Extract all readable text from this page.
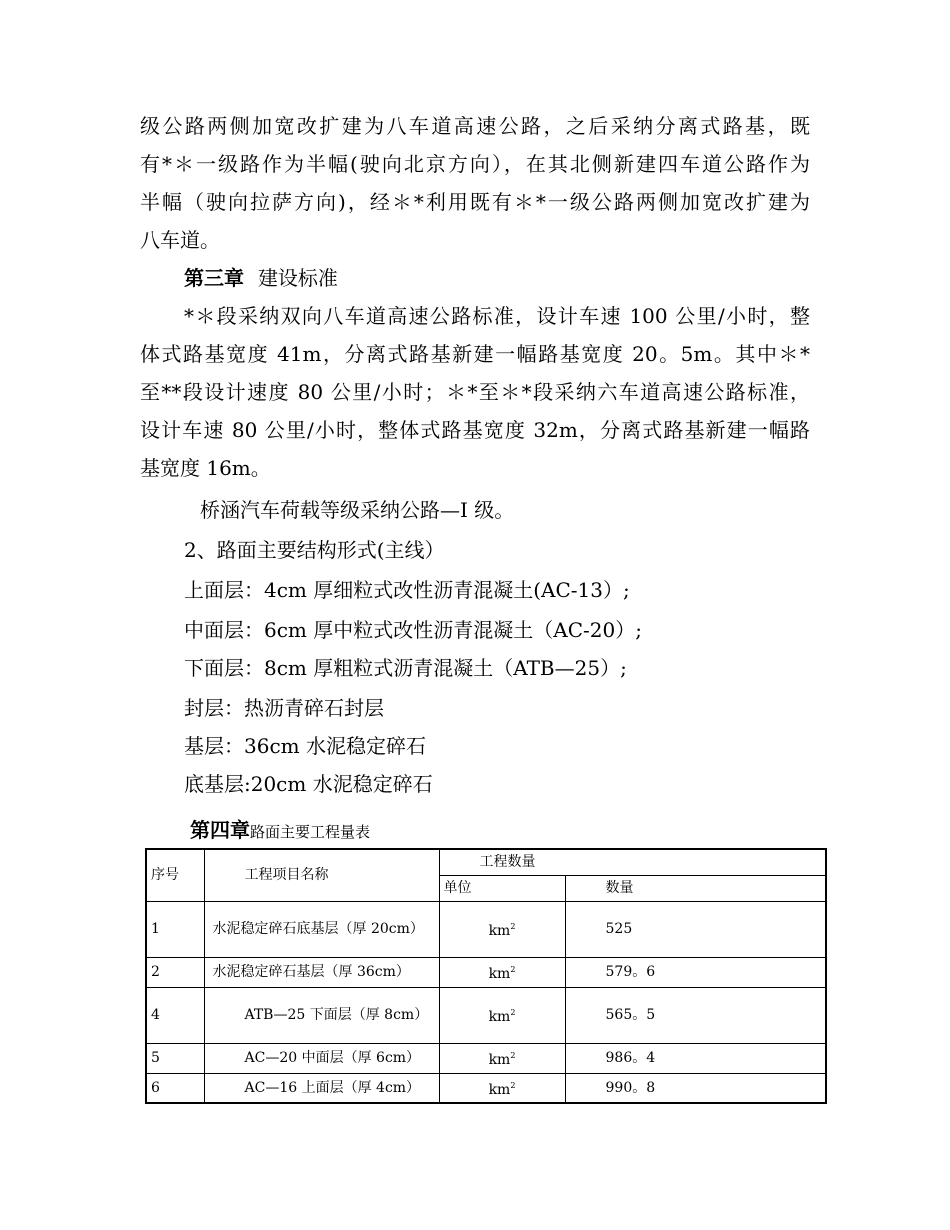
级公路两侧加宽改扩建为八车道高速公路，之后采纳分离式路基，既
有*＊一级路作为半幅(驶向北京方向），在其北侧新建四车道公路作为
半幅（驶向拉萨方向)，经＊*利用既有＊*一级公路两侧加宽改扩建为
八车道。
第三章 建设标准
*＊段采纳双向八车道高速公路标准，设计车速 100 公里/小时，整
体式路基宽度 41m，分离式路基新建一幅路基宽度 20。5m。其中＊*
至**段设计速度 80 公里/小时；＊*至＊*段采纳六车道高速公路标准，
设计车速 80 公里/小时，整体式路基宽度 32m，分离式路基新建一幅路
基宽度 16m。
桥涵汽车荷载等级采纳公路—I 级。
2、路面主要结构形式(主线）
上面层：4cm 厚细粒式改性沥青混凝土(AC-13）;
中面层：6cm 厚中粒式改性沥青混凝土（AC-20）;
下面层：8cm 厚粗粒式沥青混凝土（ATB—25）;
封层：热沥青碎石封层
基层：36cm 水泥稳定碎石
底基层:20cm 水泥稳定碎石
第四章路面主要工程量表
序号	工程项目名称	工程数量	
		单位	数量
1	水泥稳定碎石底基层（厚 20cm）	$km^2$	525
2	水泥稳定碎石基层（厚 36cm）	$km^2$	579。6
4	ATB—25 下面层（厚 8cm）	$km^2$	565。5
5	AC—20 中面层（厚 6cm）	$km^2$	986。4
6	AC—16 上面层（厚 4cm）	$km^2$	990。8
